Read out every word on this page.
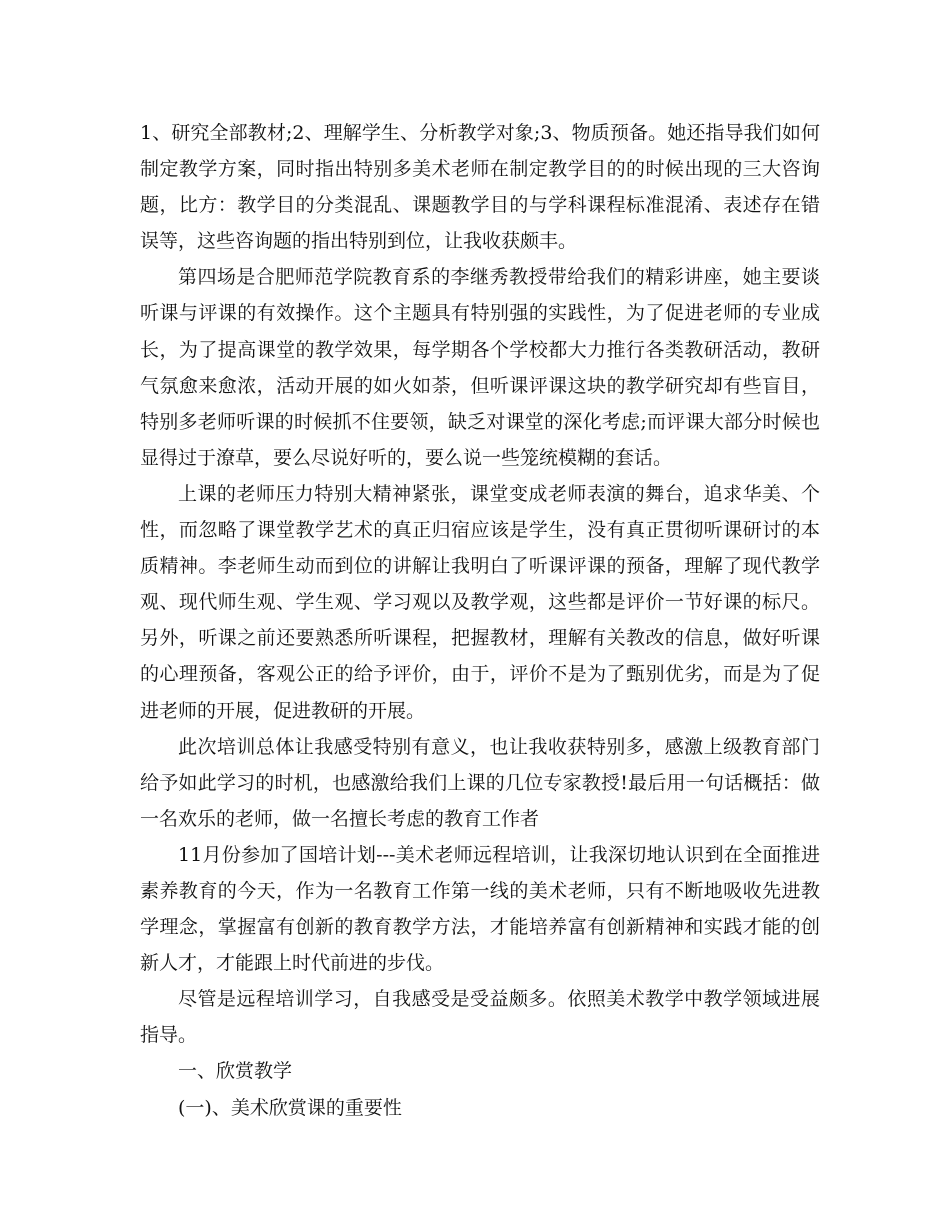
1、研究全部教材;2、理解学生、分析教学对象;3、物质预备。她还指导我们如何制定教学方案，同时指出特别多美术老师在制定教学目的的时候出现的三大咨询题，比方：教学目的分类混乱、课题教学目的与学科课程标准混淆、表述存在错误等，这些咨询题的指出特别到位，让我收获颇丰。

第四场是合肥师范学院教育系的李继秀教授带给我们的精彩讲座，她主要谈听课与评课的有效操作。这个主题具有特别强的实践性，为了促进老师的专业成长，为了提高课堂的教学效果，每学期各个学校都大力推行各类教研活动，教研气氛愈来愈浓，活动开展的如火如荼，但听课评课这块的教学研究却有些盲目，特别多老师听课的时候抓不住要领，缺乏对课堂的深化考虑;而评课大部分时候也显得过于潦草，要么尽说好听的，要么说一些笼统模糊的套话。

上课的老师压力特别大精神紧张，课堂变成老师表演的舞台，追求华美、个性，而忽略了课堂教学艺术的真正归宿应该是学生，没有真正贯彻听课研讨的本质精神。李老师生动而到位的讲解让我明白了听课评课的预备，理解了现代教学观、现代师生观、学生观、学习观以及教学观，这些都是评价一节好课的标尺。另外，听课之前还要熟悉所听课程，把握教材，理解有关教改的信息，做好听课的心理预备，客观公正的给予评价，由于，评价不是为了甄别优劣，而是为了促进老师的开展，促进教研的开展。

此次培训总体让我感受特别有意义，也让我收获特别多，感激上级教育部门给予如此学习的时机，也感激给我们上课的几位专家教授!最后用一句话概括：做一名欢乐的老师，做一名擅长考虑的教育工作者

11月份参加了国培计划---美术老师远程培训，让我深切地认识到在全面推进素养教育的今天，作为一名教育工作第一线的美术老师，只有不断地吸收先进教学理念，掌握富有创新的教育教学方法，才能培养富有创新精神和实践才能的创新人才，才能跟上时代前进的步伐。

尽管是远程培训学习，自我感受是受益颇多。依照美术教学中教学领域进展指导。

一、欣赏教学

(一)、美术欣赏课的重要性
